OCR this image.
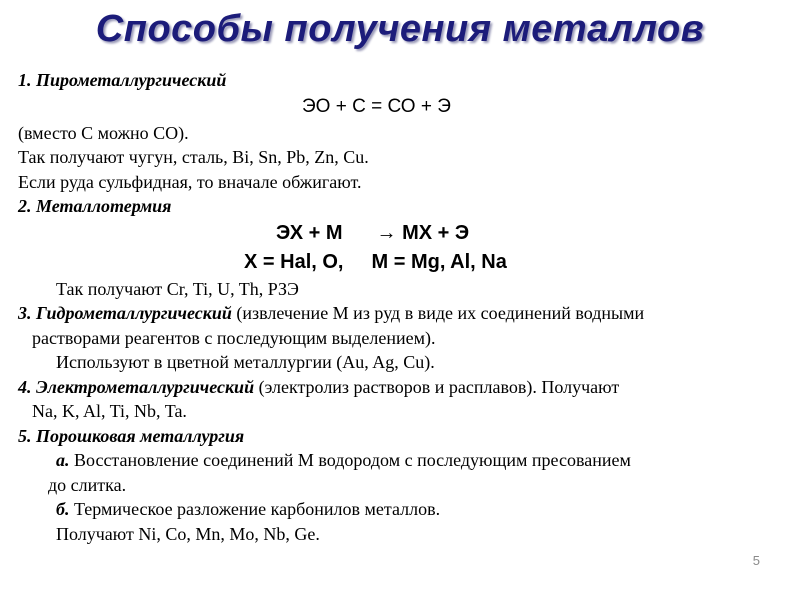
Способы получения металлов
1. Пирометаллургический
ЭО + С = СО + Э
(вместо С можно СО).
Так получают чугун, сталь, Bi, Sn, Pb, Zn, Cu.
Если руда сульфидная, то вначале обжигают.
2. Металлотермия
ЭХ + М → МХ + Э
Х = Hal, O, М = Mg, Al, Na
Так получают Cr, Ti, U, Th, РЗЭ
3. Гидрометаллургический (извлечение М из руд в виде их соединений водными
растворами реагентов с последующим выделением).
Используют в цветной металлургии (Au, Ag, Cu).
4. Электрометаллургический (электролиз растворов и расплавов). Получают
Na, K, Al, Ti, Nb, Ta.
5. Порошковая металлургия
а. Восстановление соединений М водородом с последующим пресованием
до слитка.
б. Термическое разложение карбонилов металлов.
Получают Ni, Co, Mn, Mo, Nb, Ge.
5
